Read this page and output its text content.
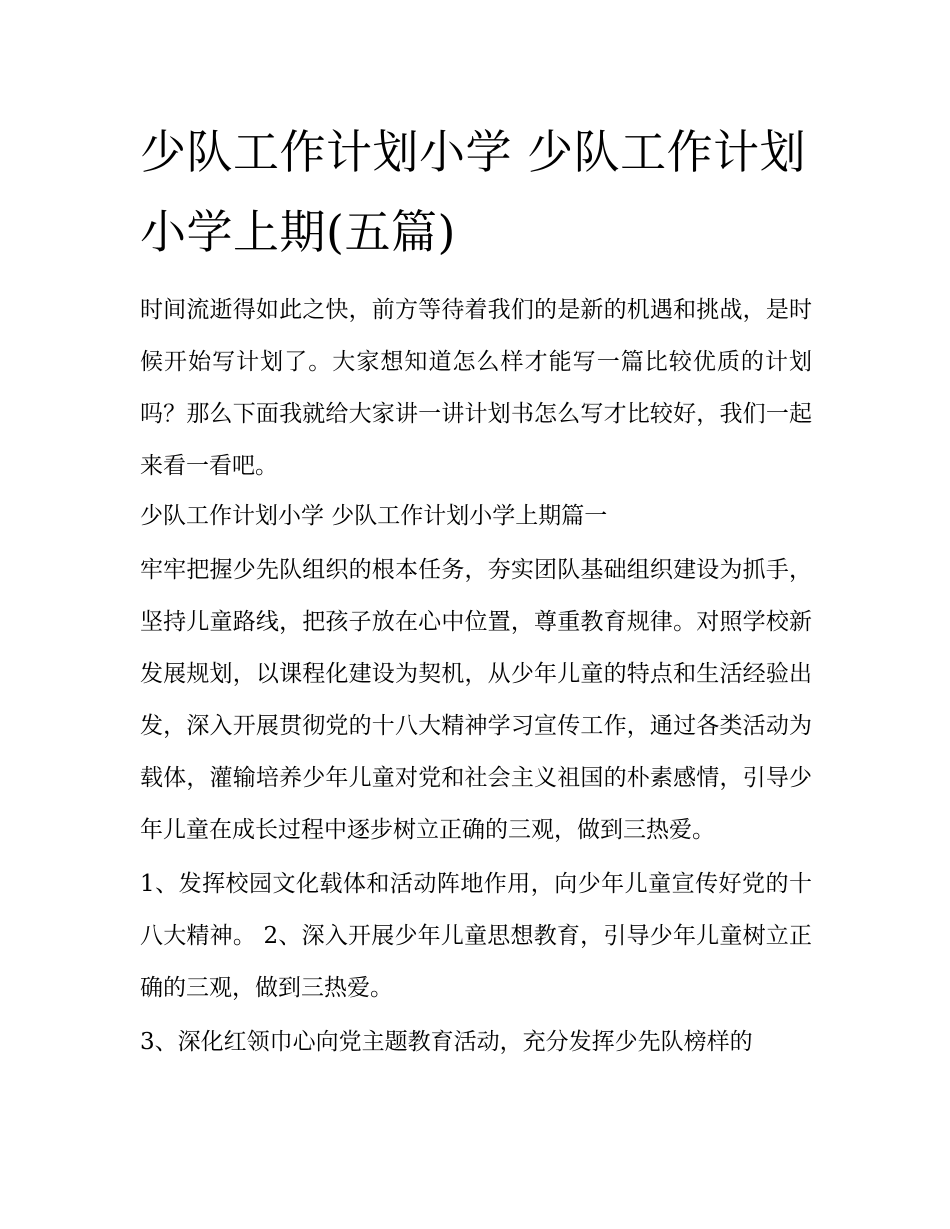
少队工作计划小学 少队工作计划小学上期(五篇)

时间流逝得如此之快，前方等待着我们的是新的机遇和挑战，是时候开始写计划了。大家想知道怎么样才能写一篇比较优质的计划吗？那么下面我就给大家讲一讲计划书怎么写才比较好，我们一起来看一看吧。

少队工作计划小学 少队工作计划小学上期篇一

牢牢把握少先队组织的根本任务，夯实团队基础组织建设为抓手，坚持儿童路线，把孩子放在心中位置，尊重教育规律。对照学校新发展规划，以课程化建设为契机，从少年儿童的特点和生活经验出发，深入开展贯彻党的十八大精神学习宣传工作，通过各类活动为载体，灌输培养少年儿童对党和社会主义祖国的朴素感情，引导少年儿童在成长过程中逐步树立正确的三观，做到三热爱。

1、发挥校园文化载体和活动阵地作用，向少年儿童宣传好党的十八大精神。 2、深入开展少年儿童思想教育，引导少年儿童树立正确的三观，做到三热爱。

3、深化红领巾心向党主题教育活动，充分发挥少先队榜样的
